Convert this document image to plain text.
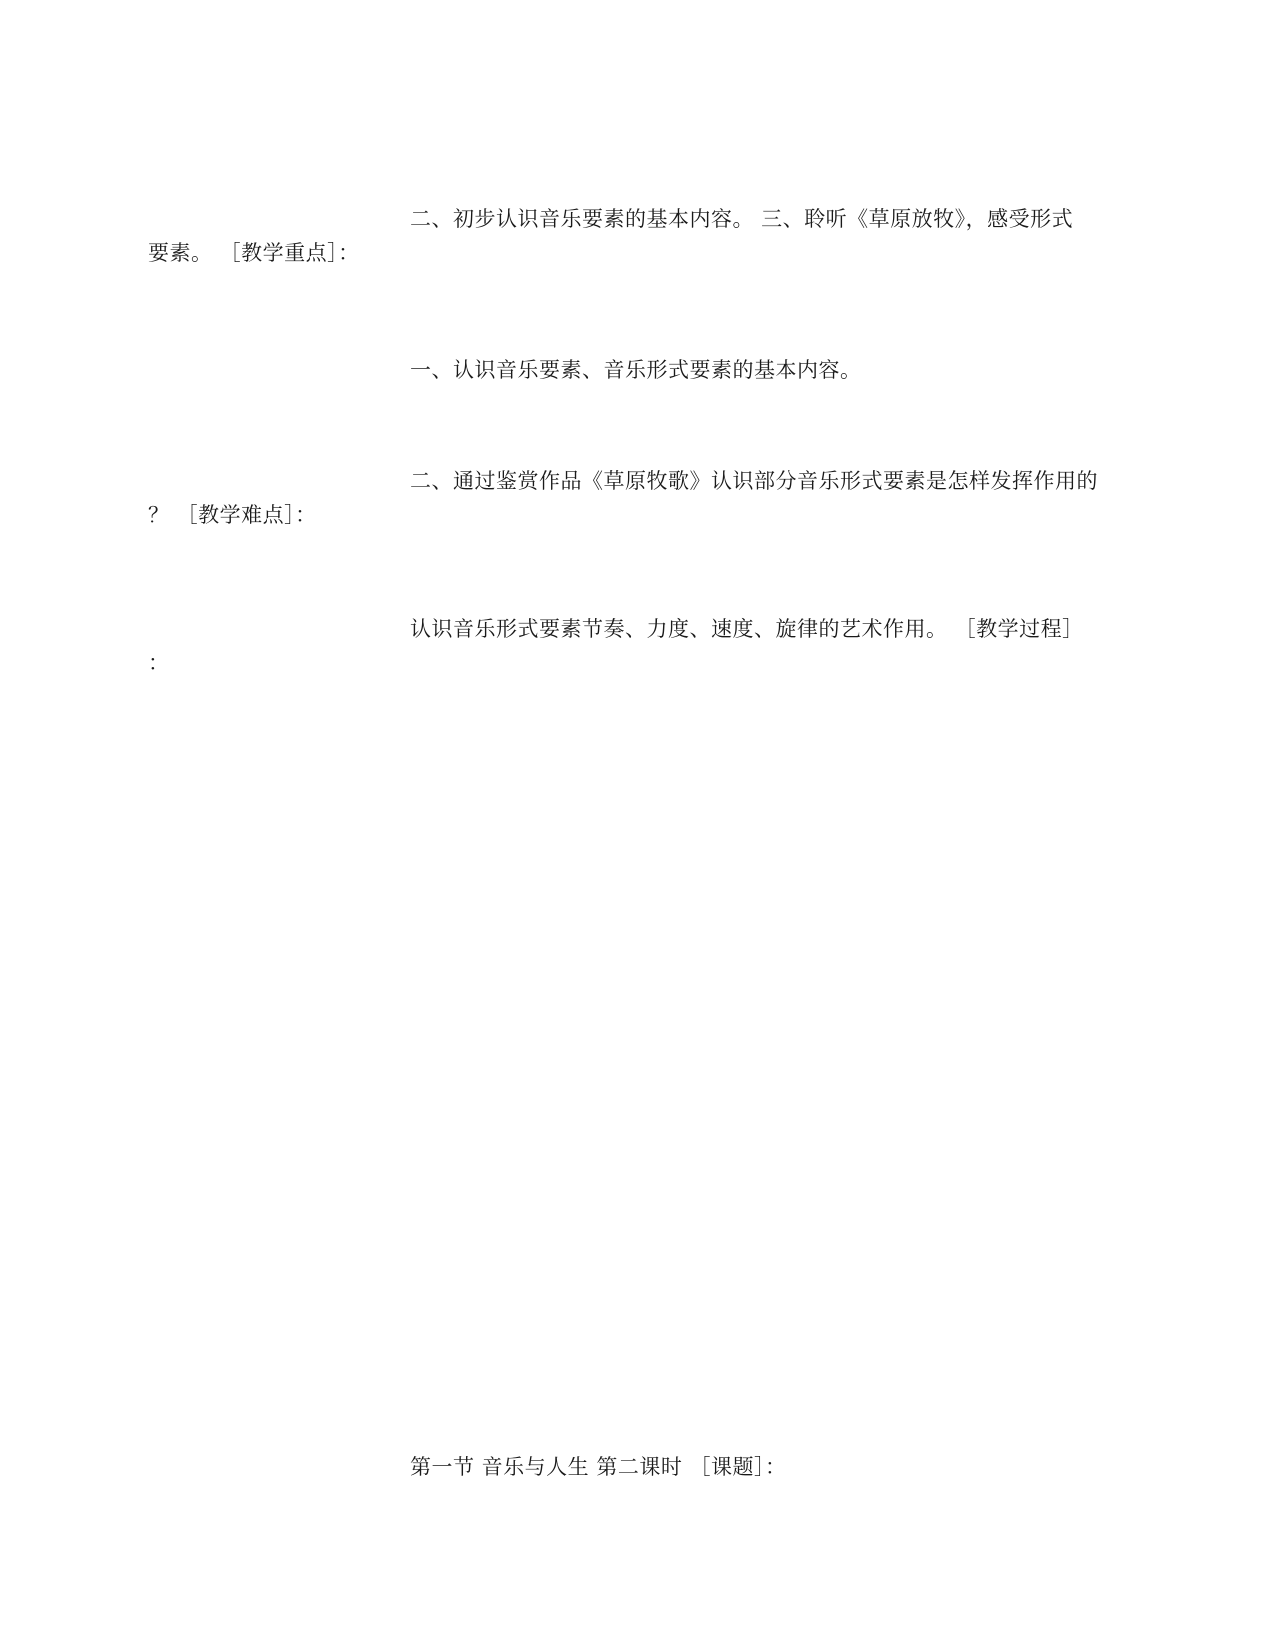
二、初步认识音乐要素的基本内容。 三、聆听《草原放牧》，感受形式
要素。 ［教学重点］：
一、认识音乐要素、音乐形式要素的基本内容。
二、通过鉴赏作品《草原牧歌》认识部分音乐形式要素是怎样发挥作用的
？ ［教学难点］：
认识音乐形式要素节奏、力度、速度、旋律的艺术作用。 ［教学过程］
：
第一节 音乐与人生 第二课时 ［课题］：
